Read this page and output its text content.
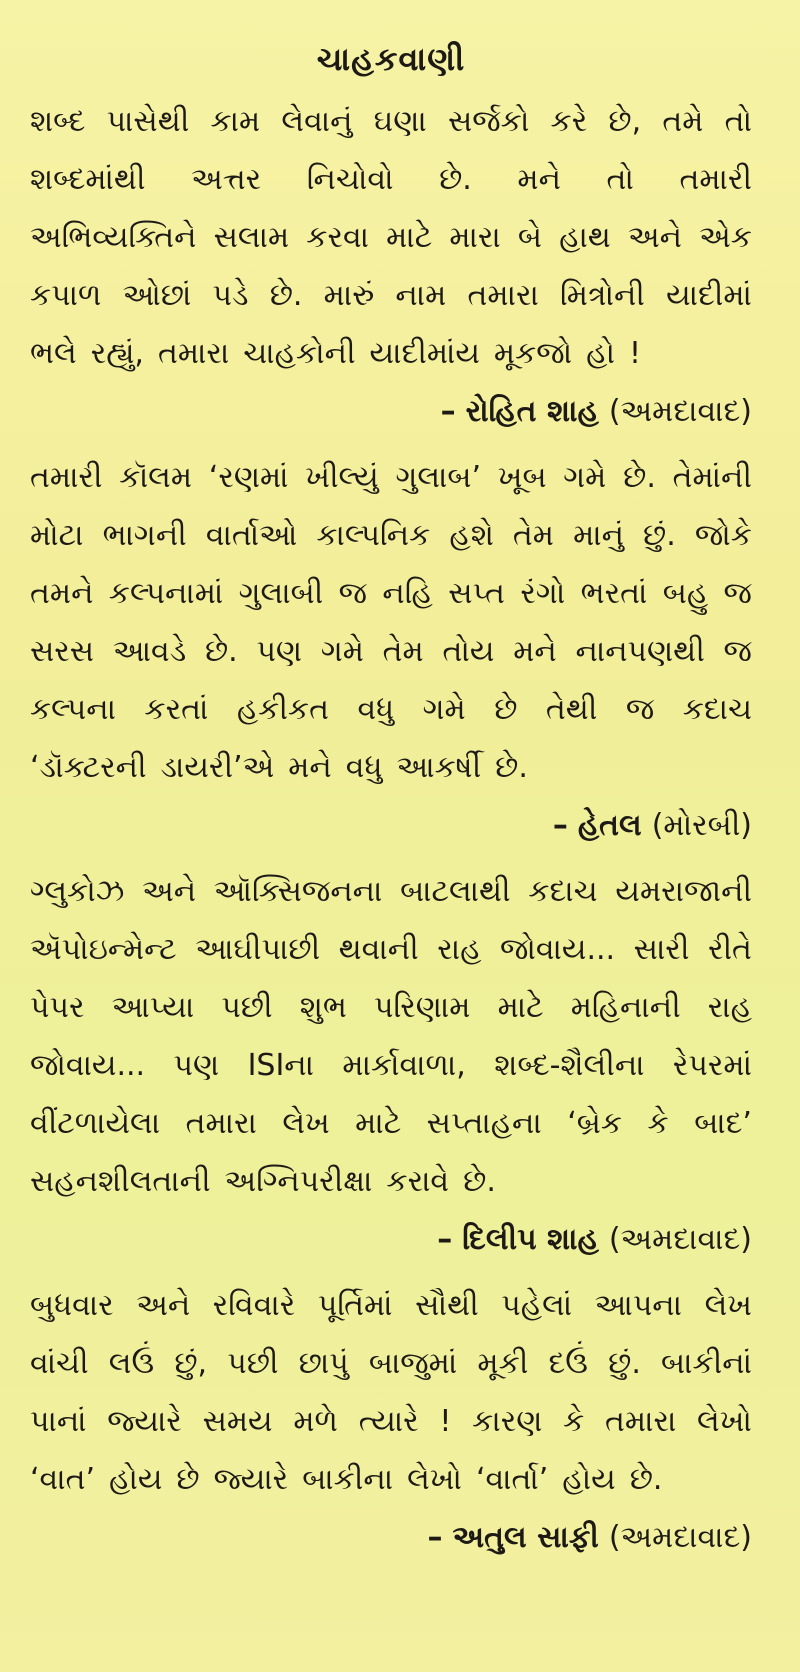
ચાહકવાણી
શબ્દ પાસેથી કામ લેવાનું ઘણા સર્જકો કરે છે, તમે તો
શબ્દમાંથી અત્તર નિચોવો છે. મને તો તમારી
અભિવ્યક્તિને સલામ કરવા માટે મારા બે હાથ અને એક
કપાળ ઓછાં પડે છે. મારું નામ તમારા મિત્રોની યાદીમાં
ભલે રહ્યું, તમારા ચાહકોની યાદીમાંય મૂકજો હો !
– રોહિત શાહ (અમદાવાદ)
તમારી કૉલમ ‘રણમાં ખીલ્યું ગુલાબ’ ખૂબ ગમે છે. તેમાંની
મોટા ભાગની વાર્તાઓ કાલ્પનિક હશે તેમ માનું છું. જોકે
તમને કલ્પનામાં ગુલાબી જ નહિ સપ્ત રંગો ભરતાં બહુ જ
સરસ આવડે છે. પણ ગમે તેમ તોય મને નાનપણથી જ
કલ્પના કરતાં હકીકત વધુ ગમે છે તેથી જ કદાચ
‘ડૉક્ટરની ડાયરી’એ મને વધુ આકર્ષી છે.
– હેતલ (મોરબી)
ગ્લુકોઝ અને ઑક્સિજનના બાટલાથી કદાચ યમરાજાની
ઍપોઇન્મેન્ટ આઘીપાછી થવાની રાહ જોવાય... સારી રીતે
પેપર આપ્યા પછી શુભ પરિણામ માટે મહિનાની રાહ
જોવાય... પણ ISIના માર્કાવાળા, શબ્દ-શૈલીના રેપરમાં
વીંટળાયેલા તમારા લેખ માટે સપ્તાહના ‘બ્રેક કે બાદ’
સહનશીલતાની અગ્નિપરીક્ષા કરાવે છે.
– દિલીપ શાહ (અમદાવાદ)
બુધવાર અને રવિવારે પૂર્તિમાં સૌથી પહેલાં આપના લેખ
વાંચી લઉં છું, પછી છાપું બાજુમાં મૂકી દઉં છું. બાકીનાં
પાનાં જ્યારે સમય મળે ત્યારે ! કારણ કે તમારા લેખો
‘વાત’ હોય છે જ્યારે બાકીના લેખો ‘વાર્તા’ હોય છે.
– અતુલ સાફી (અમદાવાદ)
